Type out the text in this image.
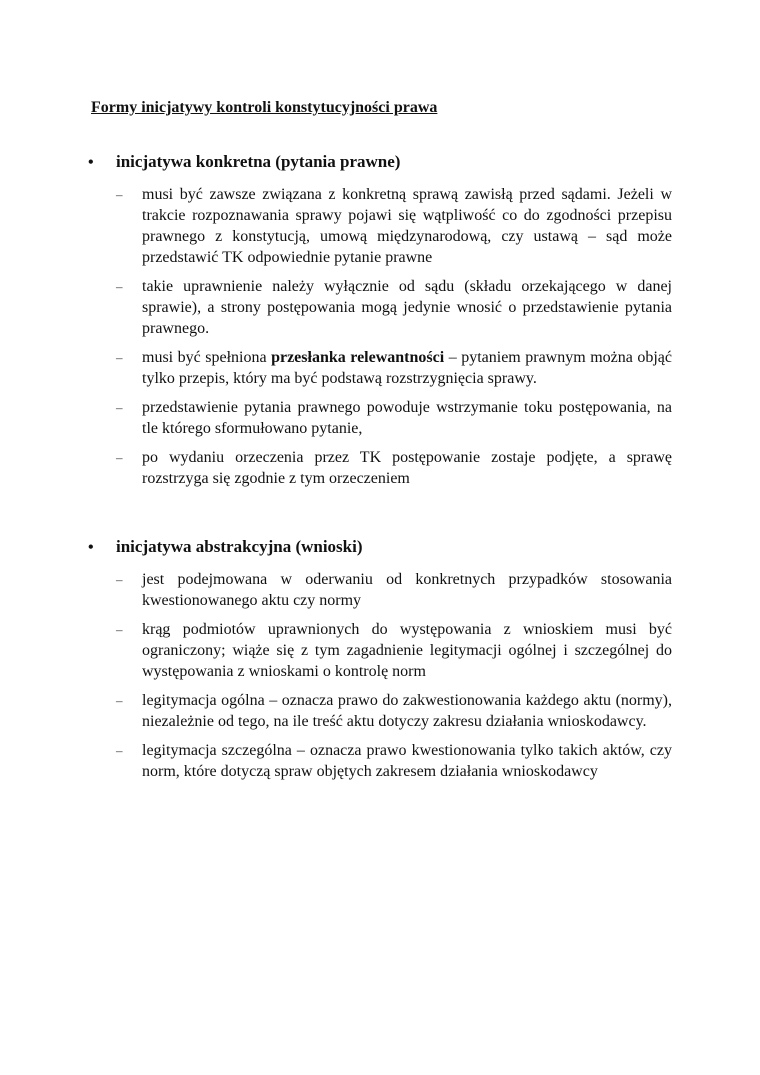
Formy inicjatywy kontroli konstytucyjności prawa
•	inicjatywa konkretna (pytania prawne)
–	musi być zawsze związana z konkretną sprawą zawisłą przed sądami. Jeżeli w trakcie rozpoznawania sprawy pojawi się wątpliwość co do zgodności przepisu prawnego z konstytucją, umową międzynarodową, czy ustawą – sąd może przedstawić TK odpowiednie pytanie prawne
–	takie uprawnienie należy wyłącznie od sądu (składu orzekającego w danej sprawie), a strony postępowania mogą jedynie wnosić o przedstawienie pytania prawnego.
–	musi być spełniona przesłanka relewantności – pytaniem prawnym można objąć tylko przepis, który ma być podstawą rozstrzygnięcia sprawy.
–	przedstawienie pytania prawnego powoduje wstrzymanie toku postępowania, na tle którego sformułowano pytanie,
–	po wydaniu orzeczenia przez TK postępowanie zostaje podjęte, a sprawę rozstrzyga się zgodnie z tym orzeczeniem
•	inicjatywa abstrakcyjna (wnioski)
–	jest podejmowana w oderwaniu od konkretnych przypadków stosowania kwestionowanego aktu czy normy
–	krąg podmiotów uprawnionych do występowania z wnioskiem musi być ograniczony; wiąże się z tym zagadnienie legitymacji ogólnej i szczególnej do występowania z wnioskami o kontrolę norm
–	legitymacja ogólna – oznacza prawo do zakwestionowania każdego aktu (normy), niezależnie od tego, na ile treść aktu dotyczy zakresu działania wnioskodawcy.
–	legitymacja szczególna – oznacza prawo kwestionowania tylko takich aktów, czy norm, które dotyczą spraw objętych zakresem działania wnioskodawcy
